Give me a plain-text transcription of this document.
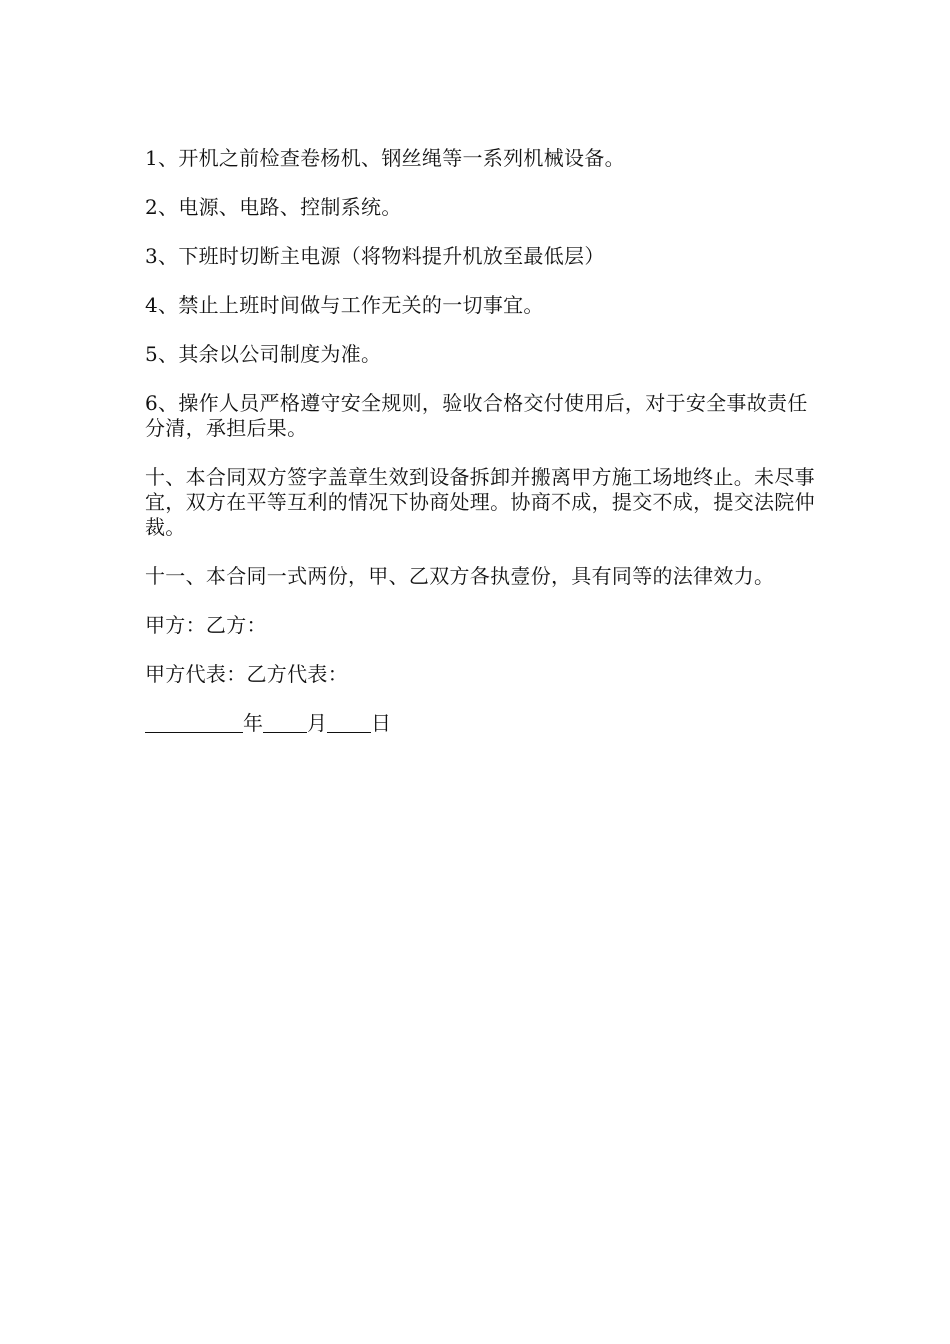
1、开机之前检查卷杨机、钢丝绳等一系列机械设备。

2、电源、电路、控制系统。

3、下班时切断主电源（将物料提升机放至最低层）

4、禁止上班时间做与工作无关的一切事宜。

5、其余以公司制度为准。

6、操作人员严格遵守安全规则，验收合格交付使用后，对于安全事故责任分清，承担后果。

十、本合同双方签字盖章生效到设备拆卸并搬离甲方施工场地终止。未尽事宜，双方在平等互利的情况下协商处理。协商不成，提交不成，提交法院仲裁。

十一、本合同一式两份，甲、乙双方各执壹份，具有同等的法律效力。

甲方：乙方：

甲方代表：乙方代表：

年 月 日
